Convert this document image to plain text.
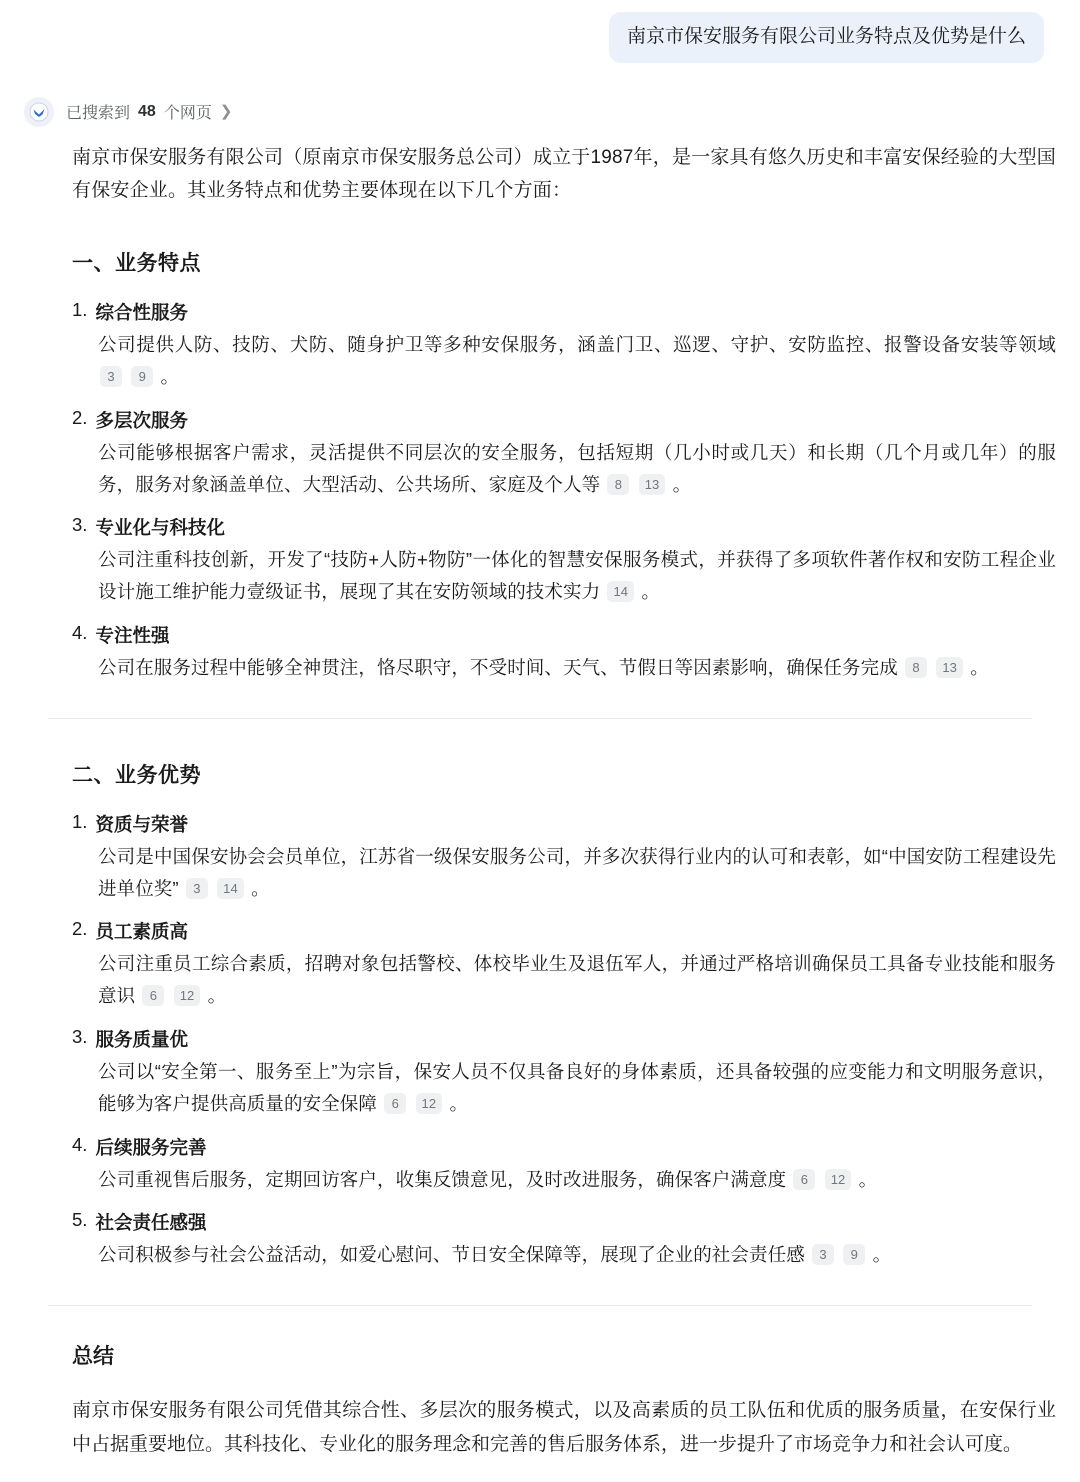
南京市保安服务有限公司业务特点及优势是什么
已搜索到 48 个网页 ❯

南京市保安服务有限公司（原南京市保安服务总公司）成立于1987年，是一家具有悠久历史和丰富安保经验的大型国有保安企业。其业务特点和优势主要体现在以下几个方面：

一、业务特点
1. 综合性服务
公司提供人防、技防、犬防、随身护卫等多种安保服务，涵盖门卫、巡逻、守护、安防监控、报警设备安装等领域 3 9 。
2. 多层次服务
公司能够根据客户需求，灵活提供不同层次的安全服务，包括短期（几小时或几天）和长期（几个月或几年）的服务，服务对象涵盖单位、大型活动、公共场所、家庭及个人等 8 13 。
3. 专业化与科技化
公司注重科技创新，开发了“技防+人防+物防”一体化的智慧安保服务模式，并获得了多项软件著作权和安防工程企业设计施工维护能力壹级证书，展现了其在安防领域的技术实力 14 。
4. 专注性强
公司在服务过程中能够全神贯注，恪尽职守，不受时间、天气、节假日等因素影响，确保任务完成 8 13 。
二、业务优势
1. 资质与荣誉
公司是中国保安协会会员单位，江苏省一级保安服务公司，并多次获得行业内的认可和表彰，如“中国安防工程建设先进单位奖” 3 14 。
2. 员工素质高
公司注重员工综合素质，招聘对象包括警校、体校毕业生及退伍军人，并通过严格培训确保员工具备专业技能和服务意识 6 12 。
3. 服务质量优
公司以“安全第一、服务至上”为宗旨，保安人员不仅具备良好的身体素质，还具备较强的应变能力和文明服务意识，能够为客户提供高质量的安全保障 6 12 。
4. 后续服务完善
公司重视售后服务，定期回访客户，收集反馈意见，及时改进服务，确保客户满意度 6 12 。
5. 社会责任感强
公司积极参与社会公益活动，如爱心慰问、节日安全保障等，展现了企业的社会责任感 3 9 。
总结

南京市保安服务有限公司凭借其综合性、多层次的服务模式，以及高素质的员工队伍和优质的服务质量，在安保行业中占据重要地位。其科技化、专业化的服务理念和完善的售后服务体系，进一步提升了市场竞争力和社会认可度。
